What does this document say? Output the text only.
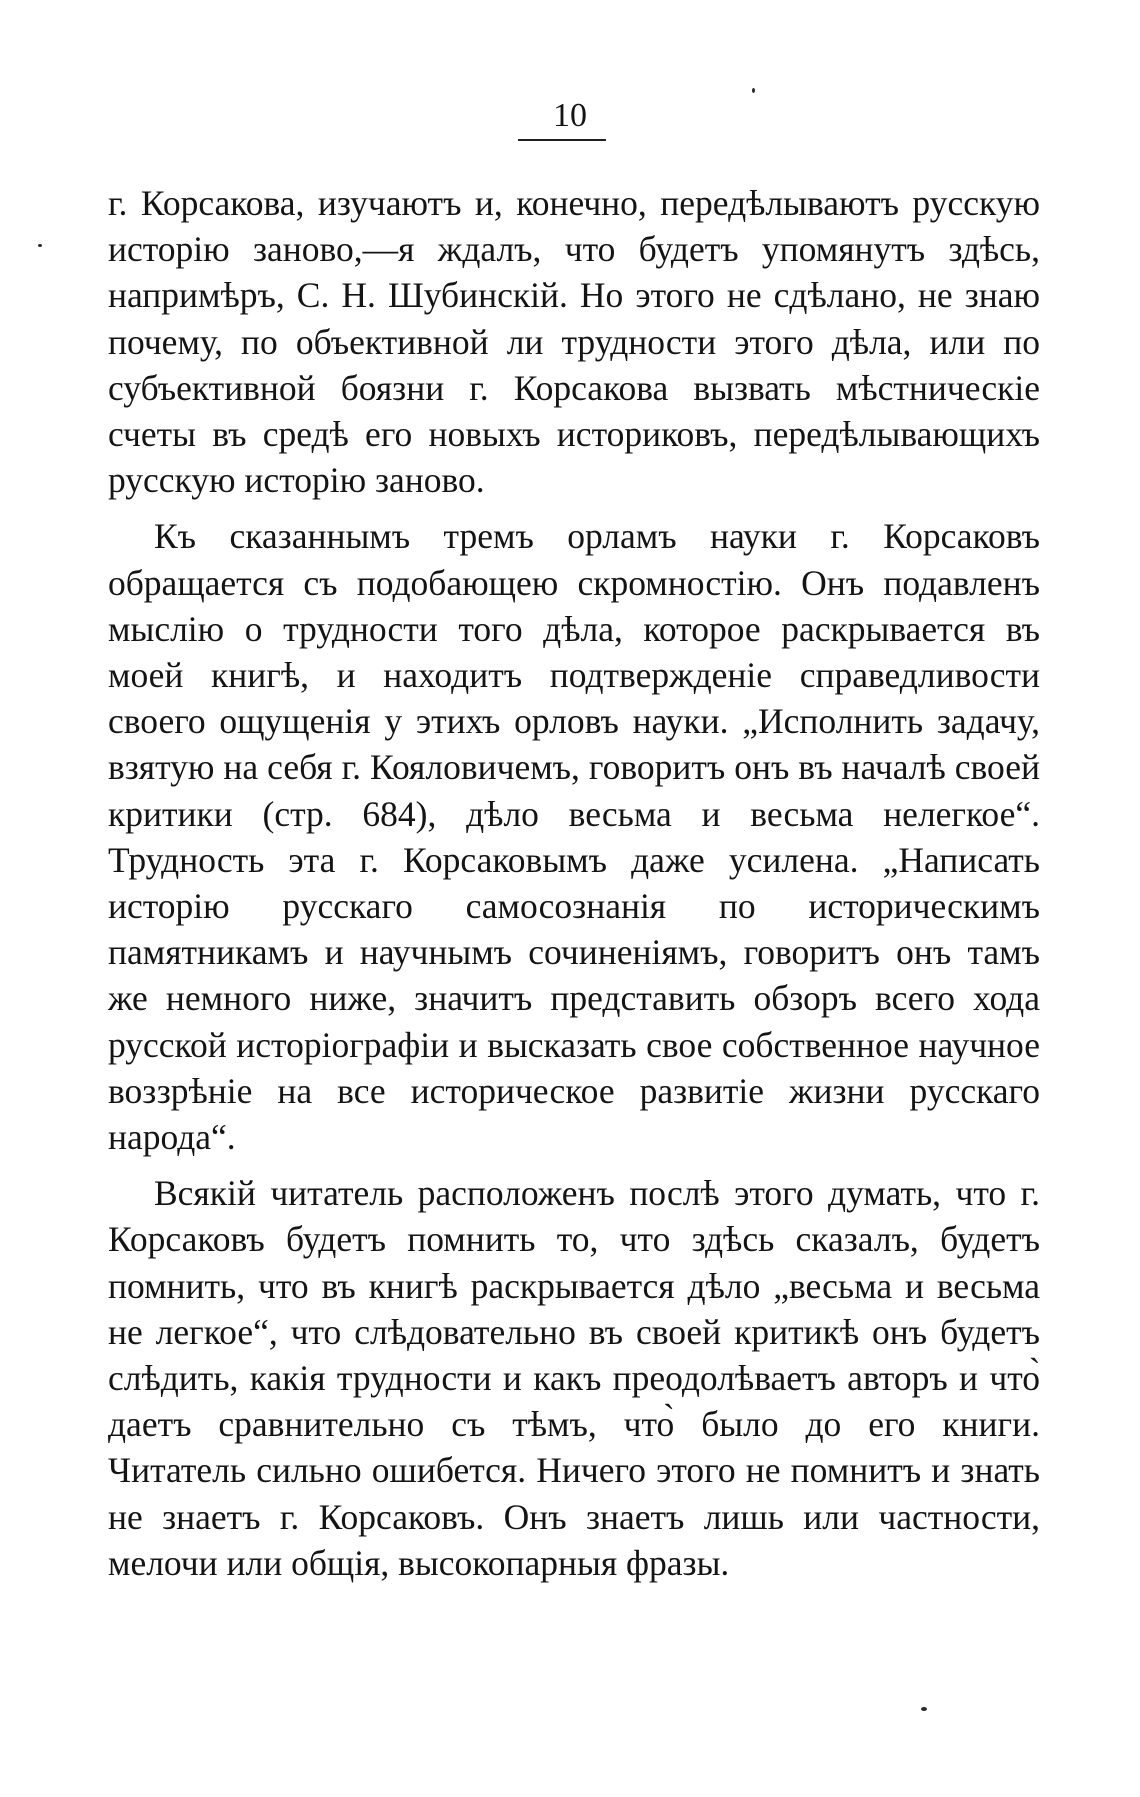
10

г. Корсакова, изучаютъ и, конечно, передѣлываютъ русскую исторію заново,—я ждалъ, что будетъ упомянутъ здѣсь, напримѣръ, С. Н. Шубинскій. Но этого не сдѣлано, не знаю почему, по объективной ли трудности этого дѣла, или по субъективной боязни г. Корсакова вызвать мѣстническіе счеты въ средѣ его новыхъ историковъ, передѣлывающихъ русскую исторію заново.

Къ сказаннымъ тремъ орламъ науки г. Корсаковъ обращается съ подобающею скромностію. Онъ подавленъ мыслію о трудности того дѣла, которое раскрывается въ моей книгѣ, и находитъ подтвержденіе справедливости своего ощущенія у этихъ орловъ науки. „Исполнить задачу, взятую на себя г. Кояловичемъ, говоритъ онъ въ началѣ своей критики (стр. 684), дѣло весьма и весьма нелегкое“. Трудность эта г. Корсаковымъ даже усилена. „Написать исторію русскаго самосознанія по историческимъ памятникамъ и научнымъ сочиненіямъ, говоритъ онъ тамъ же немного ниже, значитъ представить обзоръ всего хода русской исторіографіи и высказать свое собственное научное воззрѣніе на все историческое развитіе жизни русскаго народа“.

Всякій читатель расположенъ послѣ этого думать, что г. Корсаковъ будетъ помнить то, что здѣсь сказалъ, будетъ помнить, что въ книгѣ раскрывается дѣло „весьма и весьма не легкое“, что слѣдовательно въ своей критикѣ онъ будетъ слѣдить, какія трудности и какъ преодолѣваетъ авторъ и что̀ даетъ сравнительно съ тѣмъ, что̀ было до его книги. Читатель сильно ошибется. Ничего этого не помнитъ и знать не знаетъ г. Корсаковъ. Онъ знаетъ лишь или частности, мелочи или общія, высокопарныя фразы.
